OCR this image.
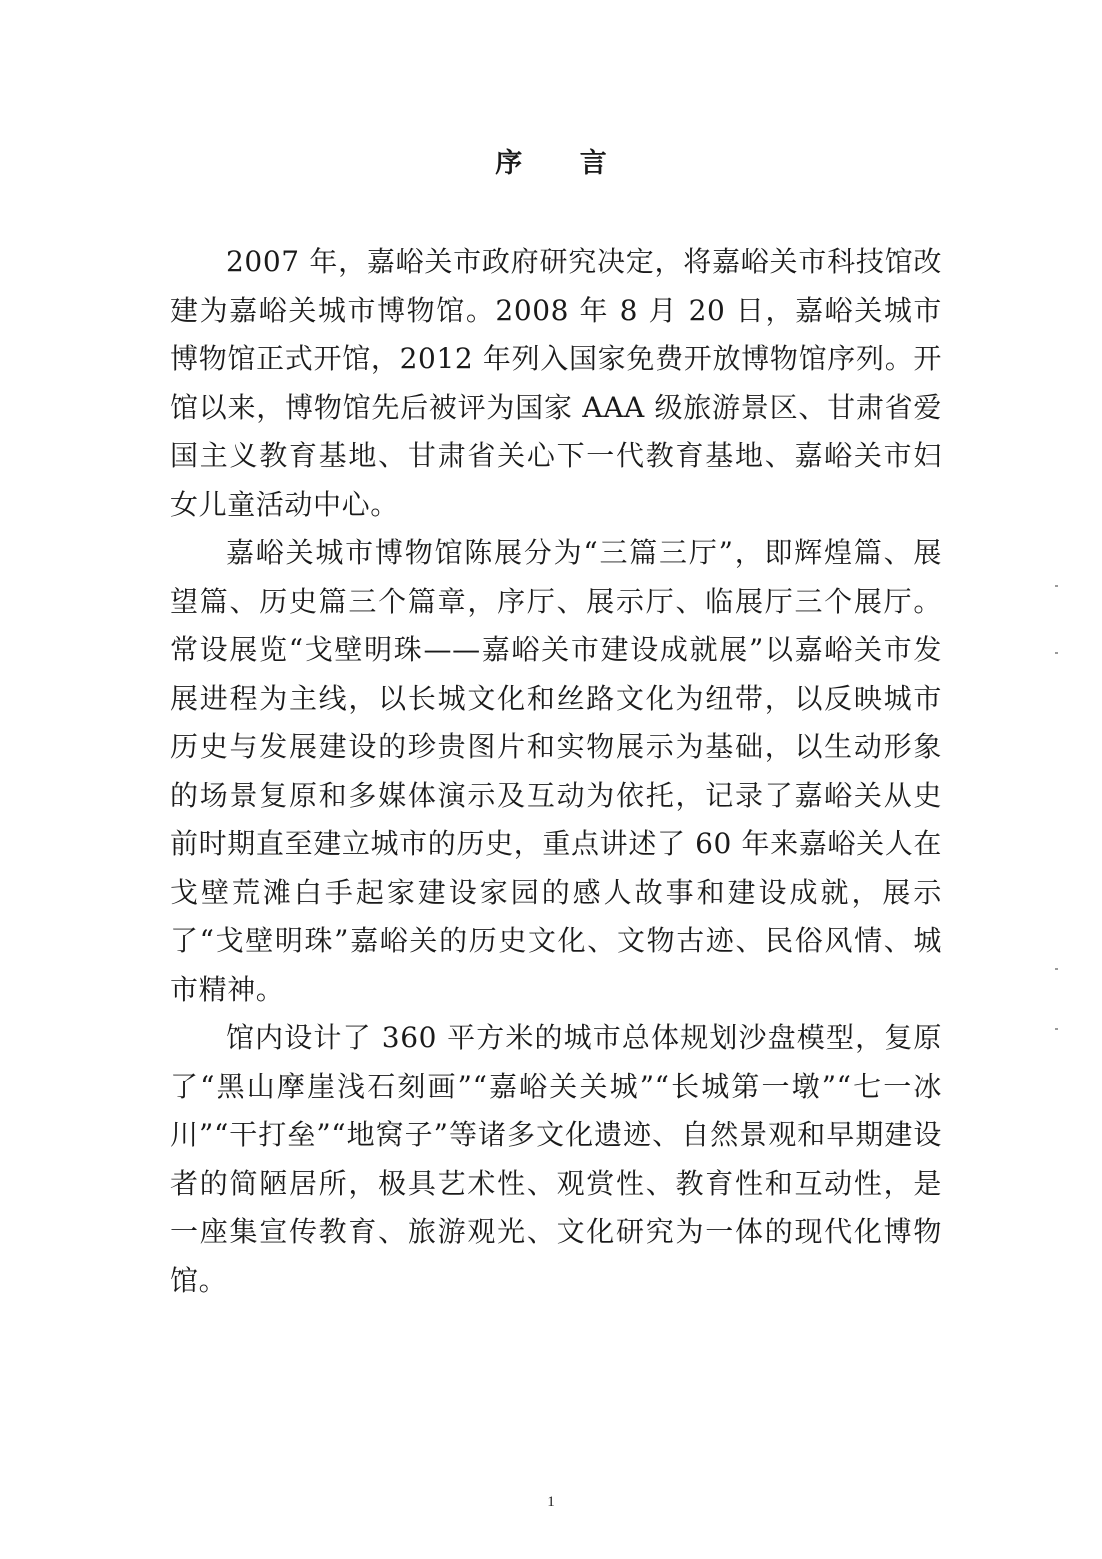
序 言

2007 年，嘉峪关市政府研究决定，将嘉峪关市科技馆改建为嘉峪关城市博物馆。2008 年 8 月 20 日，嘉峪关城市博物馆正式开馆，2012 年列入国家免费开放博物馆序列。开馆以来，博物馆先后被评为国家 AAA 级旅游景区、甘肃省爱国主义教育基地、甘肃省关心下一代教育基地、嘉峪关市妇女儿童活动中心。

嘉峪关城市博物馆陈展分为“三篇三厅”，即辉煌篇、展望篇、历史篇三个篇章，序厅、展示厅、临展厅三个展厅。常设展览“戈壁明珠——嘉峪关市建设成就展”以嘉峪关市发展进程为主线，以长城文化和丝路文化为纽带，以反映城市历史与发展建设的珍贵图片和实物展示为基础，以生动形象的场景复原和多媒体演示及互动为依托，记录了嘉峪关从史前时期直至建立城市的历史，重点讲述了 60 年来嘉峪关人在戈壁荒滩白手起家建设家园的感人故事和建设成就，展示了“戈壁明珠”嘉峪关的历史文化、文物古迹、民俗风情、城市精神。

馆内设计了 360 平方米的城市总体规划沙盘模型，复原了“黑山摩崖浅石刻画”“嘉峪关关城”“长城第一墩”“七一冰川”“干打垒”“地窝子”等诸多文化遗迹、自然景观和早期建设者的简陋居所，极具艺术性、观赏性、教育性和互动性，是一座集宣传教育、旅游观光、文化研究为一体的现代化博物馆。

1
